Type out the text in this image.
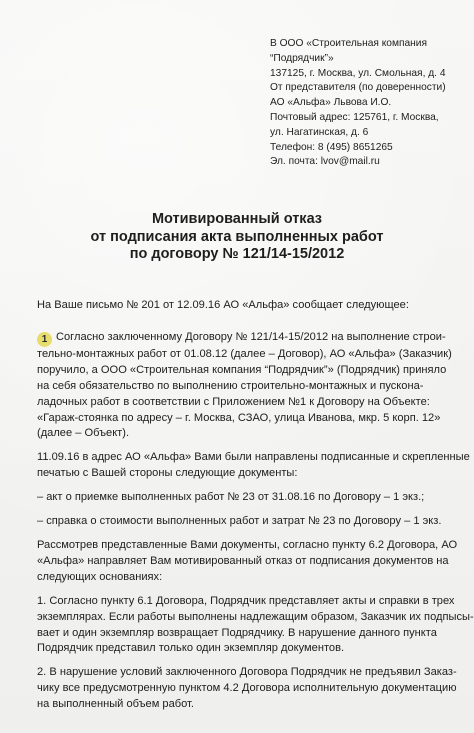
В ООО «Строительная компания
“Подрядчик”»
137125, г. Москва, ул. Смольная, д. 4
От представителя (по доверенности)
АО «Альфа» Львова И.О.
Почтовый адрес: 125761, г. Москва,
ул. Нагатинская, д. 6
Телефон: 8 (495) 8651265
Эл. почта: lvov@mail.ru
Мотивированный отказ
от подписания акта выполненных работ
по договору № 121/14-15/2012

На Ваше письмо № 201 от 12.09.16 АО «Альфа» сообщает следующее:

1 Согласно заключенному Договору № 121/14-15/2012 на выполнение строи-
тельно-монтажных работ от 01.08.12 (далее – Договор), АО «Альфа» (Заказчик)
поручило, а ООО «Строительная компания “Подрядчик”» (Подрядчик) приняло
на себя обязательство по выполнению строительно-монтажных и пускона-
ладочных работ в соответствии с Приложением №1 к Договору на Объекте:
«Гараж-стоянка по адресу – г. Москва, СЗАО, улица Иванова, мкр. 5 корп. 12»
(далее – Объект).

11.09.16 в адрес АО «Альфа» Вами были направлены подписанные и скрепленные
печатью с Вашей стороны следующие документы:

– акт о приемке выполненных работ № 23 от 31.08.16 по Договору – 1 экз.;

– справка о стоимости выполненных работ и затрат № 23 по Договору – 1 экз.

Рассмотрев представленные Вами документы, согласно пункту 6.2 Договора, АО
«Альфа» направляет Вам мотивированный отказ от подписания документов на
следующих основаниях:

1. Согласно пункту 6.1 Договора, Подрядчик представляет акты и справки в трех
экземплярах. Если работы выполнены надлежащим образом, Заказчик их подпысы-
вает и один экземпляр возвращает Подрядчику. В нарушение данного пункта
Подрядчик представил только один экземпляр документов.

2. В нарушение условий заключенного Договора Подрядчик не предъявил Заказ-
чику все предусмотренную пунктом 4.2 Договора исполнительную документацию
на выполненный объем работ.
